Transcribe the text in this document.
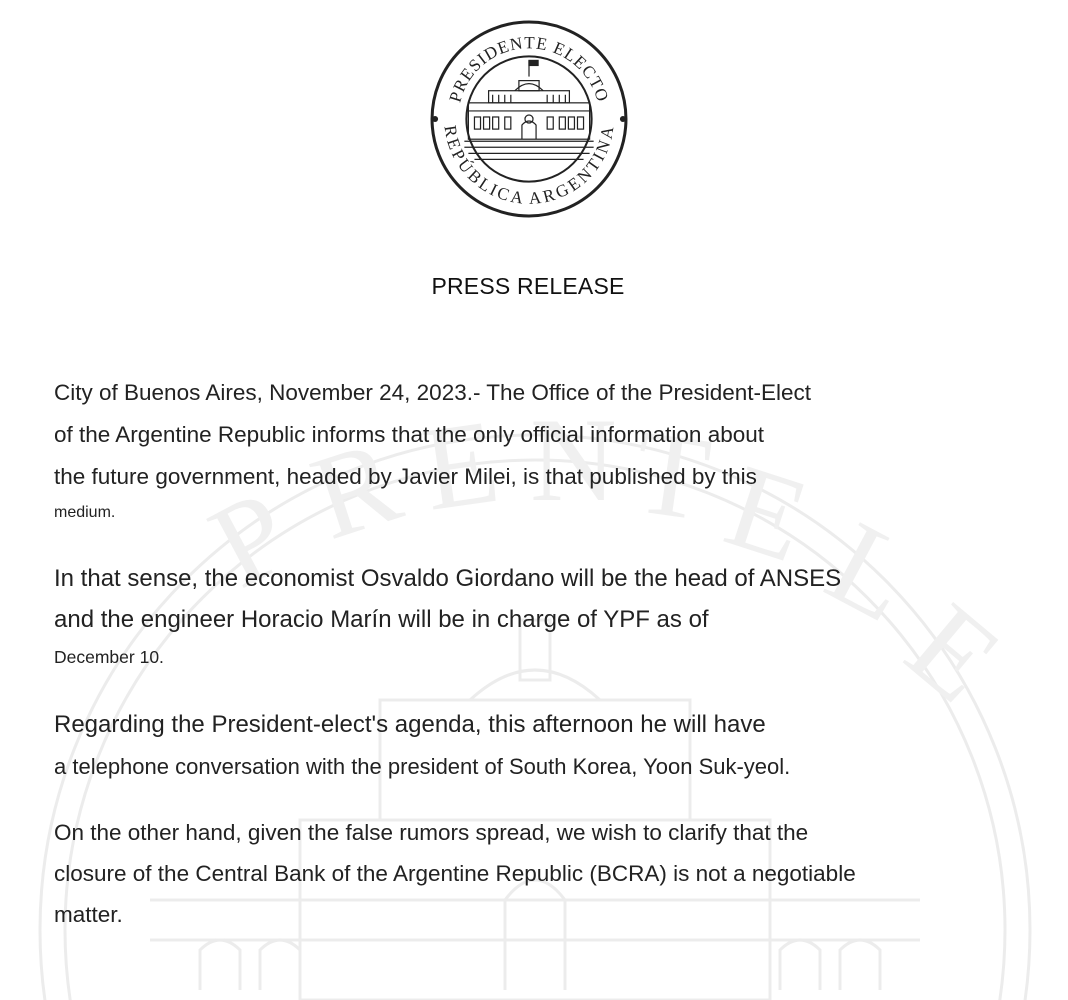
P
R E N T
E
L
E
PRESIDENTE ELECTO
REPÚBLICA ARGENTINA
PRESS RELEASE

City of Buenos Aires, November 24, 2023.- The Office of the President-Elect
of the Argentine Republic informs that the only official information about
the future government, headed by Javier Milei, is that published by this
medium.

In that sense, the economist Osvaldo Giordano will be the head of ANSES
and the engineer Horacio Marín will be in charge of YPF as of
December 10.

Regarding the President-elect's agenda, this afternoon he will have
a telephone conversation with the president of South Korea, Yoon Suk-yeol.

On the other hand, given the false rumors spread, we wish to clarify that the
closure of the Central Bank of the Argentine Republic (BCRA) is not a negotiable
matter.
